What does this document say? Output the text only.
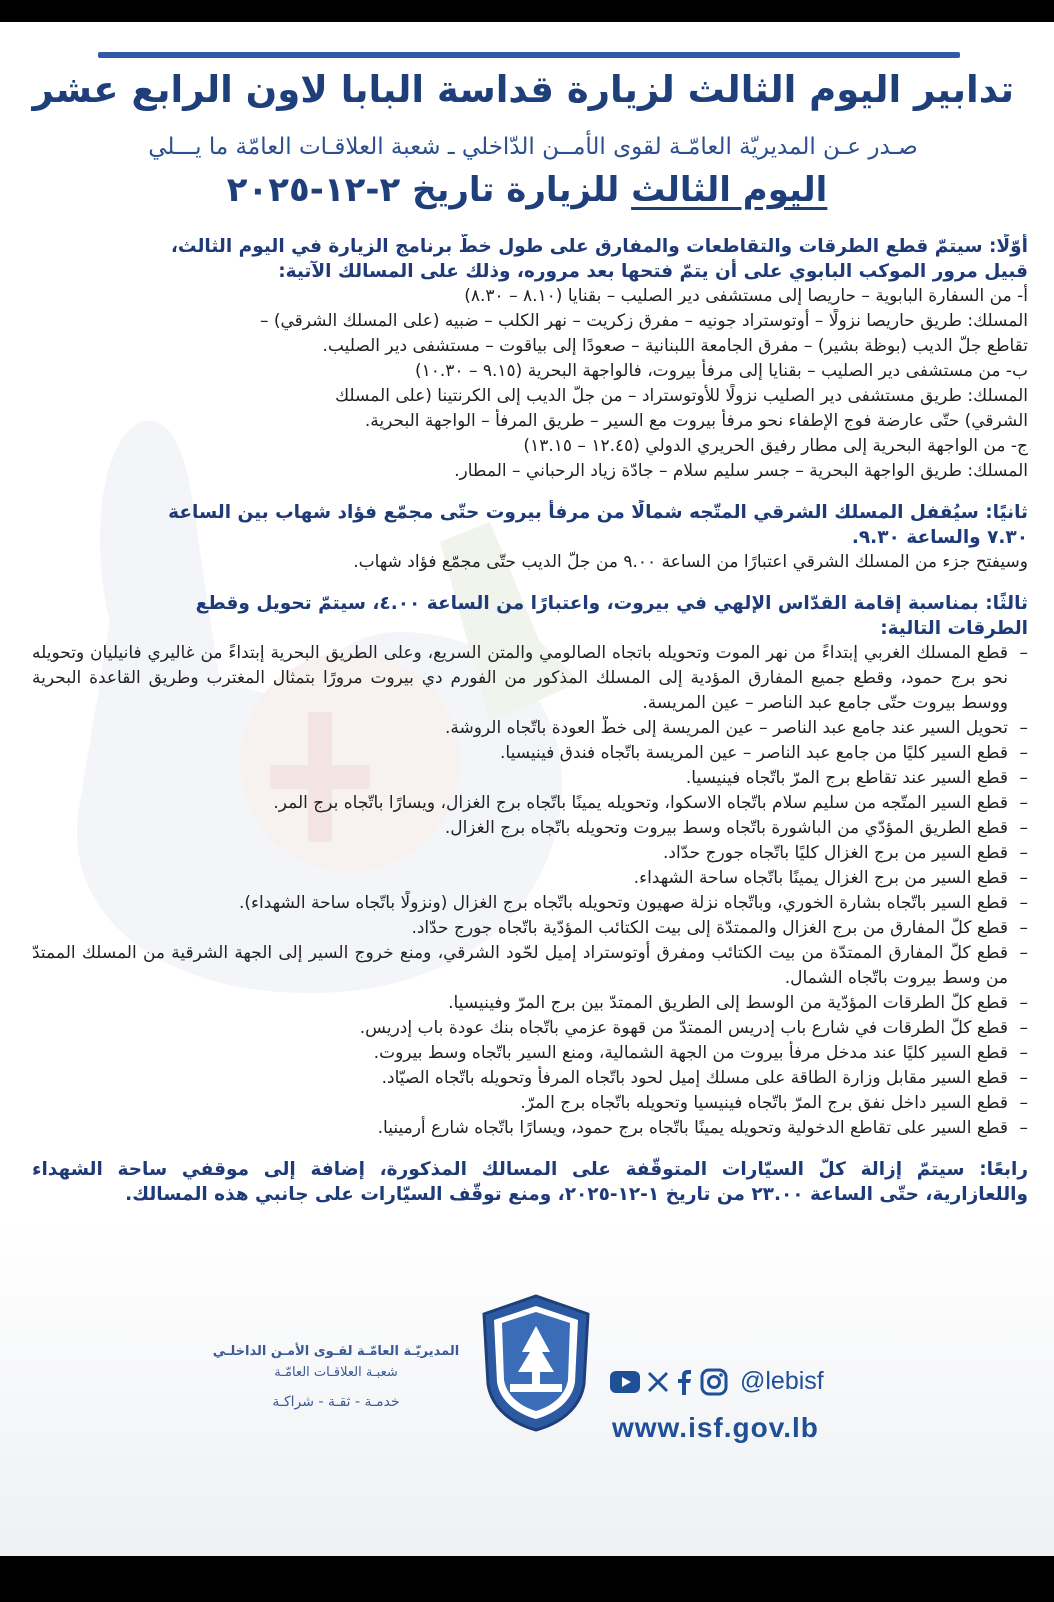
تدابير اليوم الثالث لزيارة قداسة البابا لاون الرابع عشر
صـدر عـن المديريّة العامّـة لقوى الأمــن الدّاخلي ـ شعبة العلاقـات العامّة ما يـــلي
اليوم الثالث للزيارة تاريخ ٢-١٢-٢٠٢٥

أوّلًا: سيتمّ قطع الطرقات والتقاطعات والمفارق على طول خطّ برنامج الزيارة في اليوم الثالث،

قبيل مرور الموكب البابوي على أن يتمّ فتحها بعد مروره، وذلك على المسالك الآتية:

أ- من السفارة البابوية – حاريصا إلى مستشفى دير الصليب – بقنايا (٨.١٠ – ٨.٣٠)

المسلك: طريق حاريصا نزولًا – أوتوستراد جونيه – مفرق زكريت – نهر الكلب – ضبيه (على المسلك الشرقي) –

تقاطع جلّ الديب (بوظة بشير) – مفرق الجامعة اللبنانية – صعودًا إلى بياقوت – مستشفى دير الصليب.

ب- من مستشفى دير الصليب – بقنايا إلى مرفأ بيروت، فالواجهة البحرية (٩.١٥ – ١٠.٣٠)

المسلك: طريق مستشفى دير الصليب نزولًا للأوتوستراد – من جلّ الديب إلى الكرنتينا (على المسلك

الشرقي) حتّى عارضة فوج الإطفاء نحو مرفأ بيروت مع السير – طريق المرفأ – الواجهة البحرية.

ج- من الواجهة البحرية إلى مطار رفيق الحريري الدولي (١٢.٤٥ – ١٣.١٥)

المسلك: طريق الواجهة البحرية – جسر سليم سلام – جادّة زياد الرحباني – المطار.

ثانيًا: سيُقفل المسلك الشرقي المتّجه شمالًا من مرفأ بيروت حتّى مجمّع فؤاد شهاب بين الساعة

٧.٣٠ والساعة ٩.٣٠.

وسيفتح جزء من المسلك الشرقي اعتبارًا من الساعة ٩.٠٠ من جلّ الديب حتّى مجمّع فؤاد شهاب.

ثالثًا: بمناسبة إقامة القدّاس الإلهي في بيروت، واعتبارًا من الساعة ٤.٠٠، سيتمّ تحويل وقطع

الطرقات التالية:

– قطع المسلك الغربي إبتداءً من نهر الموت وتحويله باتجاه الصالومي والمتن السريع، وعلى الطريق البحرية إبتداءً من غاليري فانيليان وتحويله نحو برج حمود، وقطع جميع المفارق المؤدية إلى المسلك المذكور من الفورم دي بيروت مرورًا بتمثال المغترب وطريق القاعدة البحرية ووسط بيروت حتّى جامع عبد الناصر – عين المريسة.

– تحويل السير عند جامع عبد الناصر – عين المريسة إلى خطّ العودة باتّجاه الروشة.

– قطع السير كليًا من جامع عبد الناصر – عين المريسة باتّجاه فندق فينيسيا.

– قطع السير عند تقاطع برج المرّ باتّجاه فينيسيا.

– قطع السير المتّجه من سليم سلام باتّجاه الاسكوا، وتحويله يمينًا باتّجاه برج الغزال، ويسارًا باتّجاه برج المر.

– قطع الطريق المؤدّي من الباشورة باتّجاه وسط بيروت وتحويله باتّجاه برج الغزال.

– قطع السير من برج الغزال كليًا باتّجاه جورج حدّاد.

– قطع السير من برج الغزال يمينًا باتّجاه ساحة الشهداء.

– قطع السير باتّجاه بشارة الخوري، وباتّجاه نزلة صهيون وتحويله باتّجاه برج الغزال (ونزولًا باتّجاه ساحة الشهداء).

– قطع كلّ المفارق من برج الغزال والممتدّة إلى بيت الكتائب المؤدّية باتّجاه جورج حدّاد.

– قطع كلّ المفارق الممتدّة من بيت الكتائب ومفرق أوتوستراد إميل لحّود الشرقي، ومنع خروج السير إلى الجهة الشرقية من المسلك الممتدّ من وسط بيروت باتّجاه الشمال.

– قطع كلّ الطرقات المؤدّية من الوسط إلى الطريق الممتدّ بين برج المرّ وفينيسيا.

– قطع كلّ الطرقات في شارع باب إدريس الممتدّ من قهوة عزمي باتّجاه بنك عودة باب إدريس.

– قطع السير كليًا عند مدخل مرفأ بيروت من الجهة الشمالية، ومنع السير باتّجاه وسط بيروت.

– قطع السير مقابل وزارة الطاقة على مسلك إميل لحود باتّجاه المرفأ وتحويله باتّجاه الصيّاد.

– قطع السير داخل نفق برج المرّ باتّجاه فينيسيا وتحويله باتّجاه برج المرّ.

– قطع السير على تقاطع الدخولية وتحويله يمينًا باتّجاه برج حمود، ويسارًا باتّجاه شارع أرمينيا.

رابعًا: سيتمّ إزالة كلّ السيّارات المتوقّفة على المسالك المذكورة، إضافة إلى موقفي ساحة الشهداء واللعازارية، حتّى الساعة ٢٣.٠٠ من تاريخ ١-١٢-٢٠٢٥، ومنع توقّف السيّارات على جانبي هذه المسالك.

المديريّـة العامّـة لقـوى الأمـن الداخلـي
شعبـة العلاقـات العامّـة
خدمـة - ثقـة - شراكـة
@lebisf
www.isf.gov.lb
